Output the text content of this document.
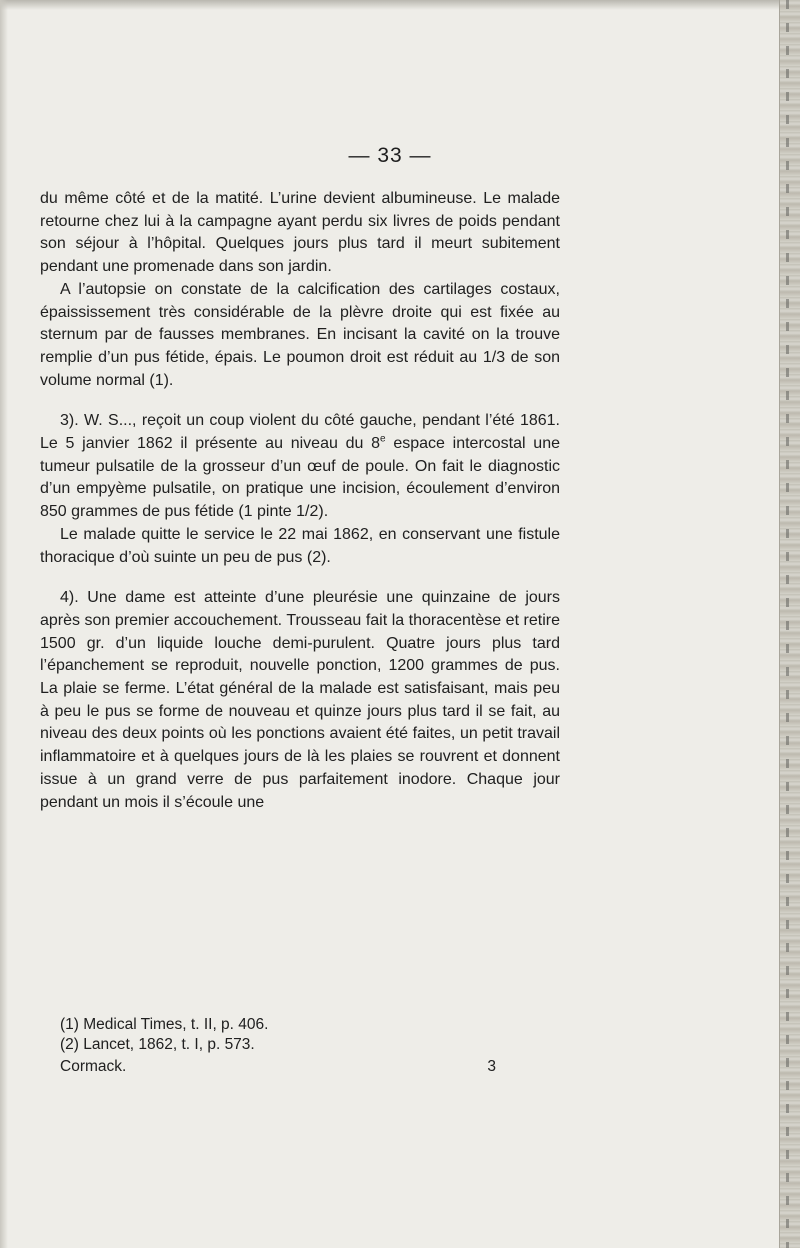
— 33 —

du même côté et de la matité. L’urine devient albumineuse. Le malade retourne chez lui à la campagne ayant perdu six livres de poids pendant son séjour à l’hôpital. Quelques jours plus tard il meurt subitement pendant une promenade dans son jardin.

A l’autopsie on constate de la calcification des cartilages costaux, épaississement très considérable de la plèvre droite qui est fixée au sternum par de fausses membranes. En incisant la cavité on la trouve remplie d’un pus fétide, épais. Le poumon droit est réduit au 1/3 de son volume normal (1).

3). W. S..., reçoit un coup violent du côté gauche, pendant l’été 1861. Le 5 janvier 1862 il présente au niveau du 8e espace intercostal une tumeur pulsatile de la grosseur d’un œuf de poule. On fait le diagnostic d’un empyème pulsatile, on pratique une incision, écoulement d’environ 850 grammes de pus fétide (1 pinte 1/2).

Le malade quitte le service le 22 mai 1862, en conservant une fistule thoracique d’où suinte un peu de pus (2).

4). Une dame est atteinte d’une pleurésie une quinzaine de jours après son premier accouchement. Trousseau fait la thoracentèse et retire 1500 gr. d’un liquide louche demi-purulent. Quatre jours plus tard l’épanchement se reproduit, nouvelle ponction, 1200 grammes de pus. La plaie se ferme. L’état général de la malade est satisfaisant, mais peu à peu le pus se forme de nouveau et quinze jours plus tard il se fait, au niveau des deux points où les ponctions avaient été faites, un petit travail inflammatoire et à quelques jours de là les plaies se rouvrent et donnent issue à un grand verre de pus parfaitement inodore. Chaque jour pendant un mois il s’écoule une

(1) Medical Times, t. II, p. 406.

(2) Lancet, 1862, t. I, p. 573.

Cormack.	3
